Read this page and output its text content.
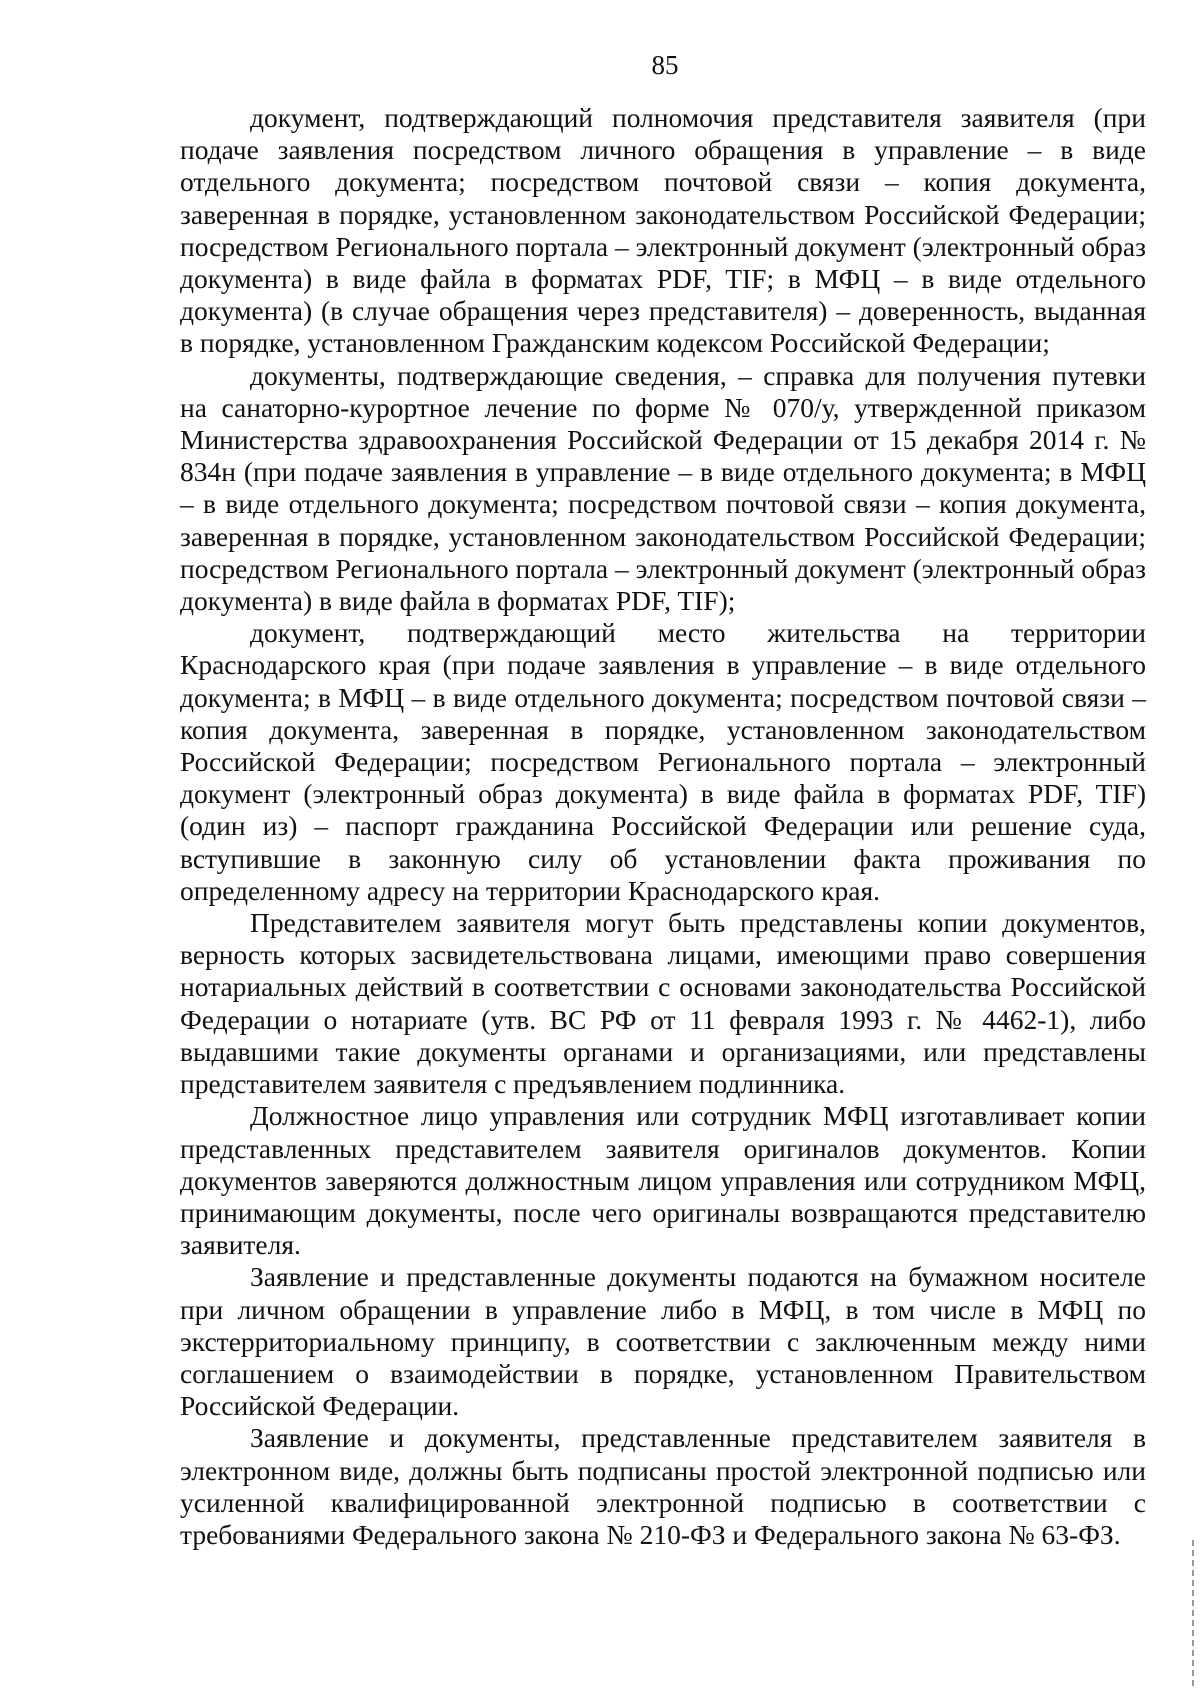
85

документ, подтверждающий полномочия представителя заявителя (при подаче заявления посредством личного обращения в управление – в виде отдельного документа; посредством почтовой связи – копия документа, заверенная в порядке, установленном законодательством Российской Федерации; посредством Регионального портала – электронный документ (электронный образ документа) в виде файла в форматах PDF, TIF; в МФЦ – в виде отдельного документа) (в случае обращения через представителя) – доверенность, выданная в порядке, установленном Гражданским кодексом Российской Федерации;

документы, подтверждающие сведения, – справка для получения путевки на санаторно-курортное лечение по форме № 070/у, утвержденной приказом Министерства здравоохранения Российской Федерации от 15 декабря 2014 г. № 834н (при подаче заявления в управление – в виде отдельного документа; в МФЦ – в виде отдельного документа; посредством почтовой связи – копия документа, заверенная в порядке, установленном законодательством Российской Федерации; посредством Регионального портала – электронный документ (электронный образ документа) в виде файла в форматах PDF, TIF);

документ, подтверждающий место жительства на территории Краснодарского края (при подаче заявления в управление – в виде отдельного документа; в МФЦ – в виде отдельного документа; посредством почтовой связи – копия документа, заверенная в порядке, установленном законодательством Российской Федерации; посредством Регионального портала – электронный документ (электронный образ документа) в виде файла в форматах PDF, TIF) (один из) – паспорт гражданина Российской Федерации или решение суда, вступившие в законную силу об установлении факта проживания по определенному адресу на территории Краснодарского края.

Представителем заявителя могут быть представлены копии документов, верность которых засвидетельствована лицами, имеющими право совершения нотариальных действий в соответствии с основами законодательства Российской Федерации о нотариате (утв. ВС РФ от 11 февраля 1993 г. № 4462-1), либо выдавшими такие документы органами и организациями, или представлены представителем заявителя с предъявлением подлинника.

Должностное лицо управления или сотрудник МФЦ изготавливает копии представленных представителем заявителя оригиналов документов. Копии документов заверяются должностным лицом управления или сотрудником МФЦ, принимающим документы, после чего оригиналы возвращаются представителю заявителя.

Заявление и представленные документы подаются на бумажном носителе при личном обращении в управление либо в МФЦ, в том числе в МФЦ по экстерриториальному принципу, в соответствии с заключенным между ними соглашением о взаимодействии в порядке, установленном Правительством Российской Федерации.

Заявление и документы, представленные представителем заявителя в электронном виде, должны быть подписаны простой электронной подписью или усиленной квалифицированной электронной подписью в соответствии с требованиями Федерального закона № 210-ФЗ и Федерального закона № 63-ФЗ.
